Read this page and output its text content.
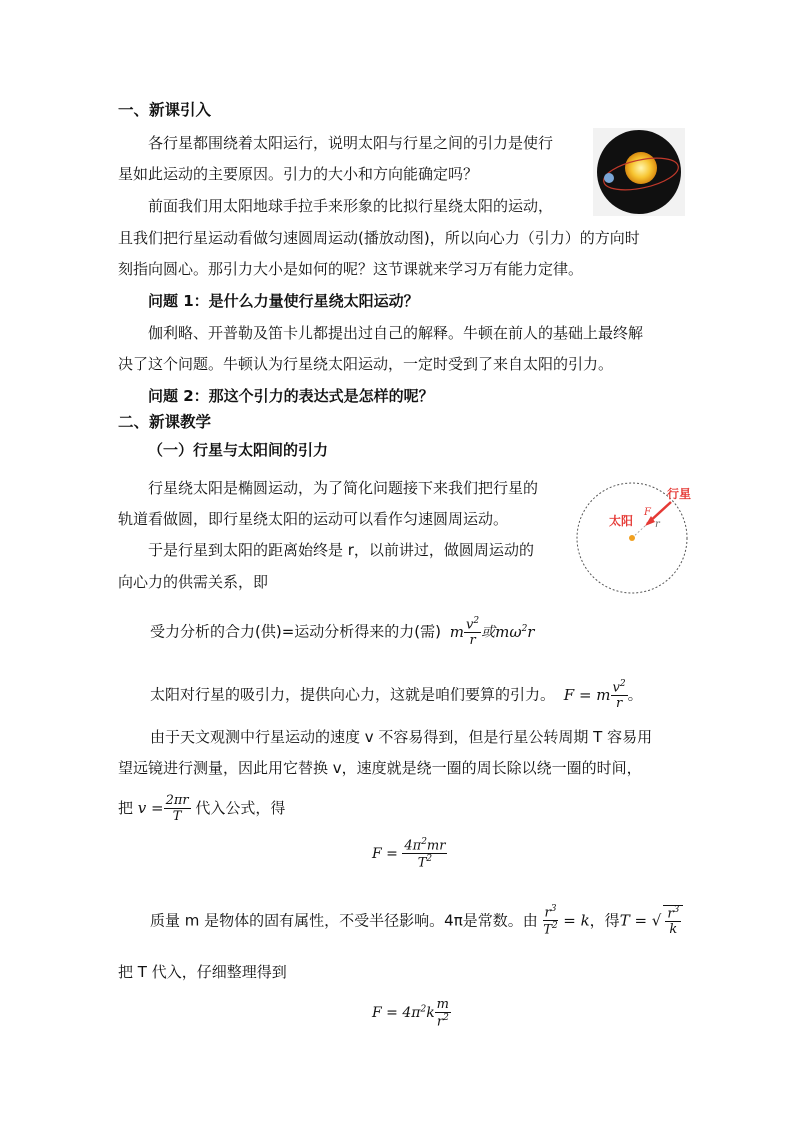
一、新课引入
各行星都围绕着太阳运行，说明太阳与行星之间的引力是使行
星如此运动的主要原因。引力的大小和方向能确定吗？
前面我们用太阳地球手拉手来形象的比拟行星绕太阳的运动，
且我们把行星运动看做匀速圆周运动(播放动图)，所以向心力（引力）的方向时
刻指向圆心。那引力大小是如何的呢？这节课就来学习万有能力定律。
问题 1：是什么力量使行星绕太阳运动？
伽利略、开普勒及笛卡儿都提出过自己的解释。牛顿在前人的基础上最终解
决了这个问题。牛顿认为行星绕太阳运动，一定时受到了来自太阳的引力。
问题 2：那这个引力的表达式是怎样的呢？
二、新课教学
（一）行星与太阳间的引力
行星绕太阳是椭圆运动，为了简化问题接下来我们把行星的
轨道看做圆，即行星绕太阳的运动可以看作匀速圆周运动。
于是行星到太阳的距离始终是 r，以前讲过，做圆周运动的
向心力的供需关系，即
行星
太阳
F
r
受力分析的合力(供)=运动分析得来的力(需) m $\frac{v^2}{r}$ 或$m\omega^2r$
太阳对行星的吸引力，提供向心力，这就是咱们要算的引力。 F = m $\frac{v^2}{r}$ 。
由于天文观测中行星运动的速度 v 不容易得到，但是行星公转周期 T 容易用
望远镜进行测量，因此用它替换 v，速度就是绕一圈的周长除以绕一圈的时间，
把 $v = \frac{2\pi r}{T}$ 代入公式，得
$F = \frac{4\pi^2mr}{T^2}$
质量 m 是物体的固有属性，不受半径影响。4π是常数。由 $\frac{r^3}{T^2} = k$，得T = √ $\frac{r^3}{k}$
把 T 代入，仔细整理得到
$F = 4\pi^2k \frac{m}{r^2}$
